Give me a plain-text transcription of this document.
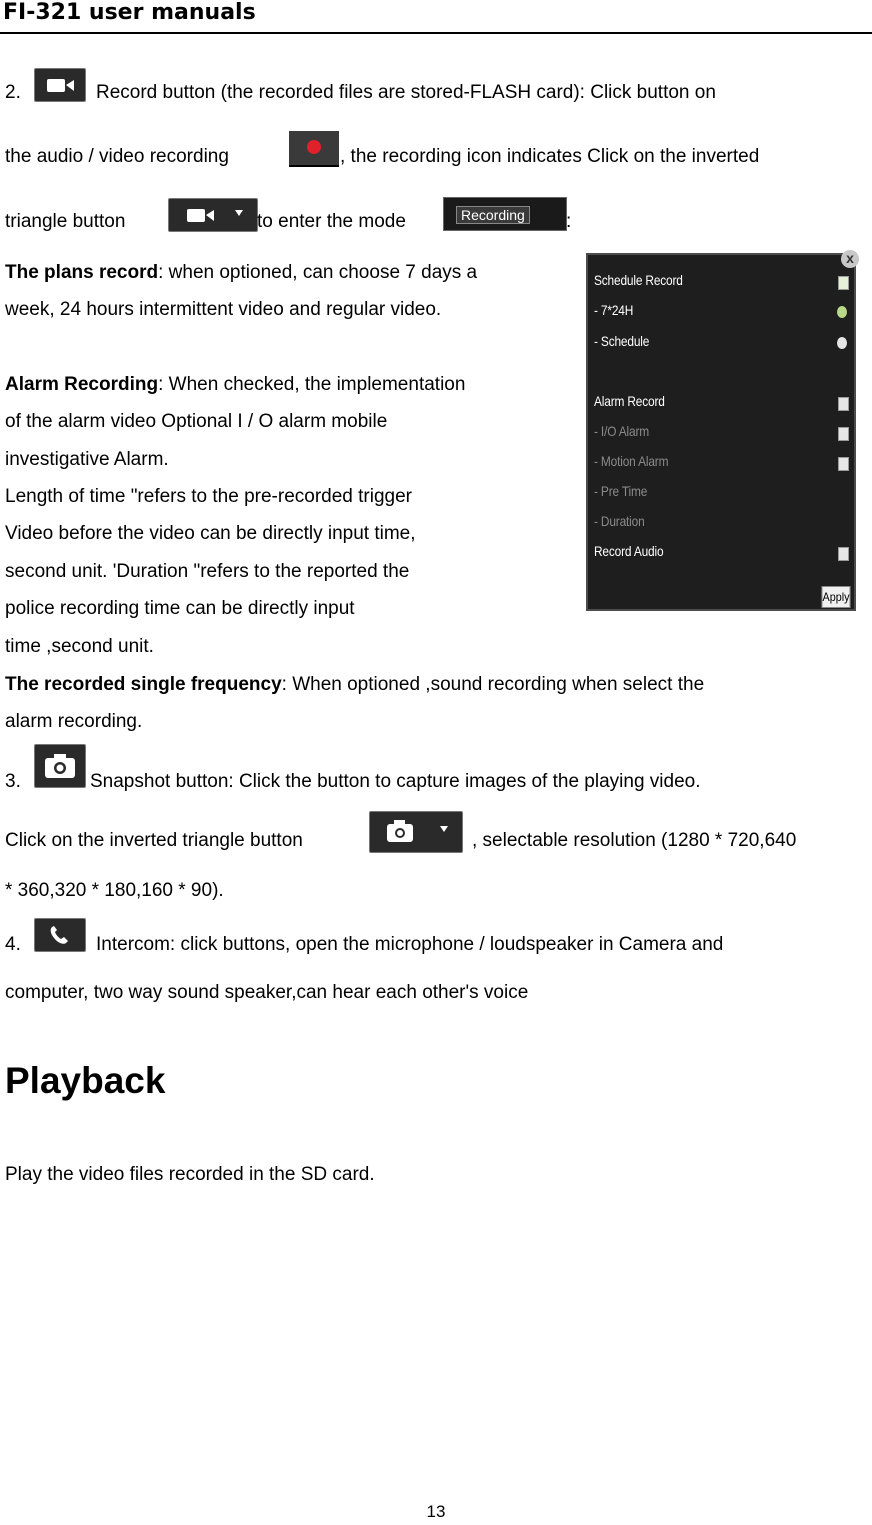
FI-321 user manuals
2.	Record button (the recorded files are stored-FLASH card): Click button on
the audio / video recording	, the recording icon indicates Click on the inverted
triangle button	to enter the mode	Recording :
The plans record: when optioned, can choose 7 days a
week, 24 hours intermittent video and regular video.
Alarm Recording: When checked, the implementation
of the alarm video Optional I / O alarm mobile
investigative Alarm.
Length of time "refers to the pre-recorded trigger
Video before the video can be directly input time,
second unit. 'Duration "refers to the reported the
police recording time can be directly input
time ,second unit.
The recorded single frequency: When optioned ,sound recording when select the
alarm recording.
Schedule Record
- 7*24H
- Schedule
Alarm Record
- I/O Alarm
- Motion Alarm
- Pre Time
- Duration
Record Audio
Apply
x
3.	Snapshot button: Click the button to capture images of the playing video.
Click on the inverted triangle button	, selectable resolution (1280 * 720,640
* 360,320 * 180,160 * 90).
4.	Intercom: click buttons, open the microphone / loudspeaker in Camera and
computer, two way sound speaker,can hear each other's voice
Playback
Play the video files recorded in the SD card.
13
